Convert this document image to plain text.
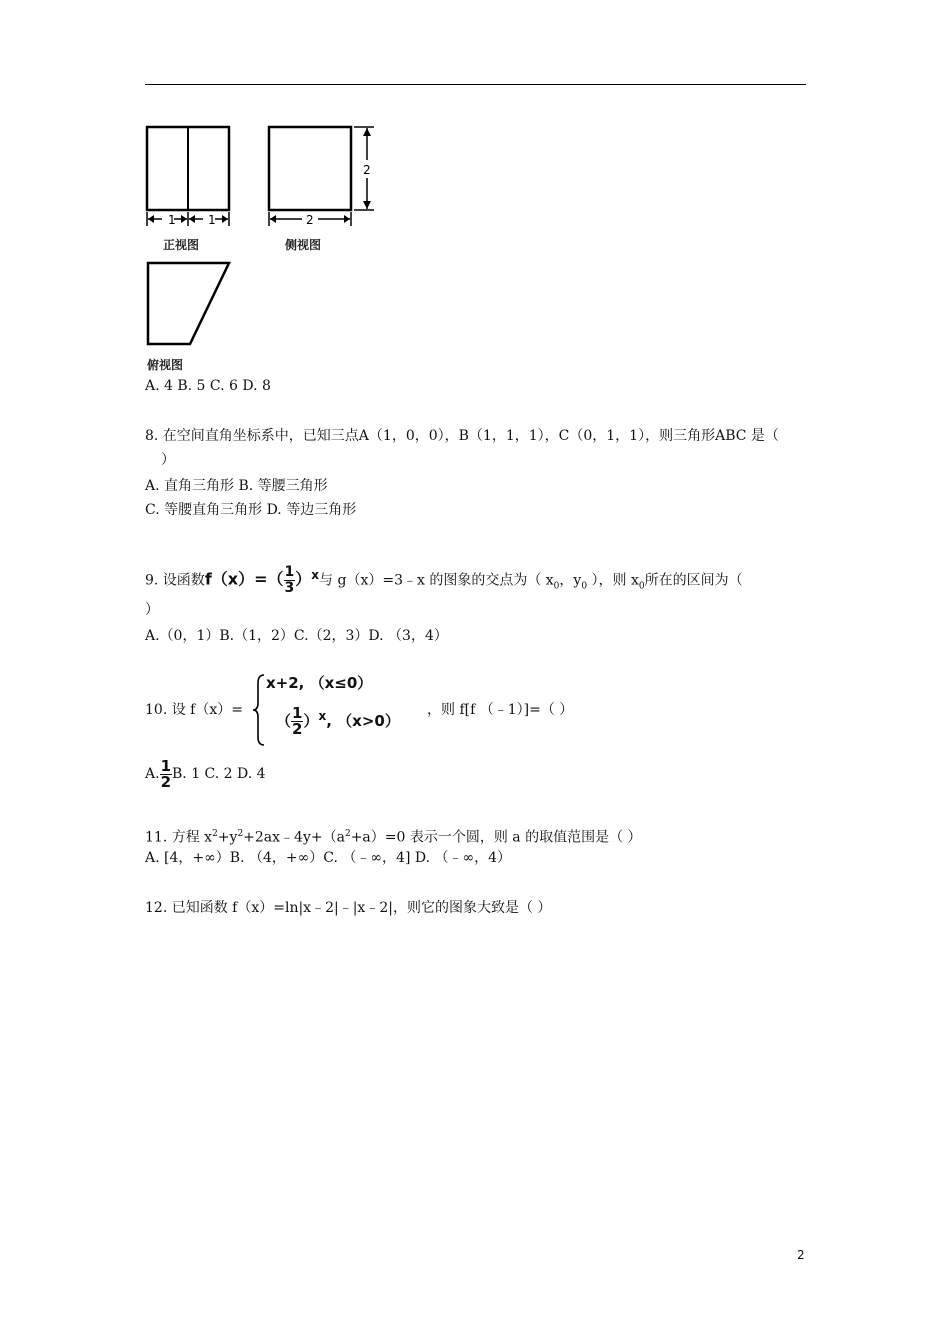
1	1
正视图
2
2
侧视图
俯视图
A. 4 B. 5 C. 6 D. 8
8. 在空间直角坐标系中，已知三点A（1，0，0），B（1，1，1），C（0，1，1），则三角形ABC 是（
）
A. 直角三角形 B. 等腰三角形
C. 等腰直角三角形 D. 等边三角形
9. 设函数$f(x)=( \frac{1}{3} )^x$与 g（x）=3﹣x 的图象的交点为（ $x_0$，$y_0$ ），则 $x_0$所在的区间为（
）
A.（0，1）B.（1，2）C.（2，3）D. （3，4）
10. 设 f（x）=
x+2, （x≤0）
（ $\frac{1}{2} )^x$, （x>0）
，则 f[f （﹣1）]=（ ）
A. $\frac{1}{2} B$. 1 C. 2 D. 4
11. 方程 $x^2+y^2+2ax﹣4y+(a^2+a)=0$ 表示一个圆，则 a 的取值范围是（ ）
A. [4，+∞）B. （4，+∞）C. （﹣∞，4] D. （﹣∞，4）
12. 已知函数 f（x）=ln|x﹣2|﹣|x﹣2|，则它的图象大致是（ ）
2
